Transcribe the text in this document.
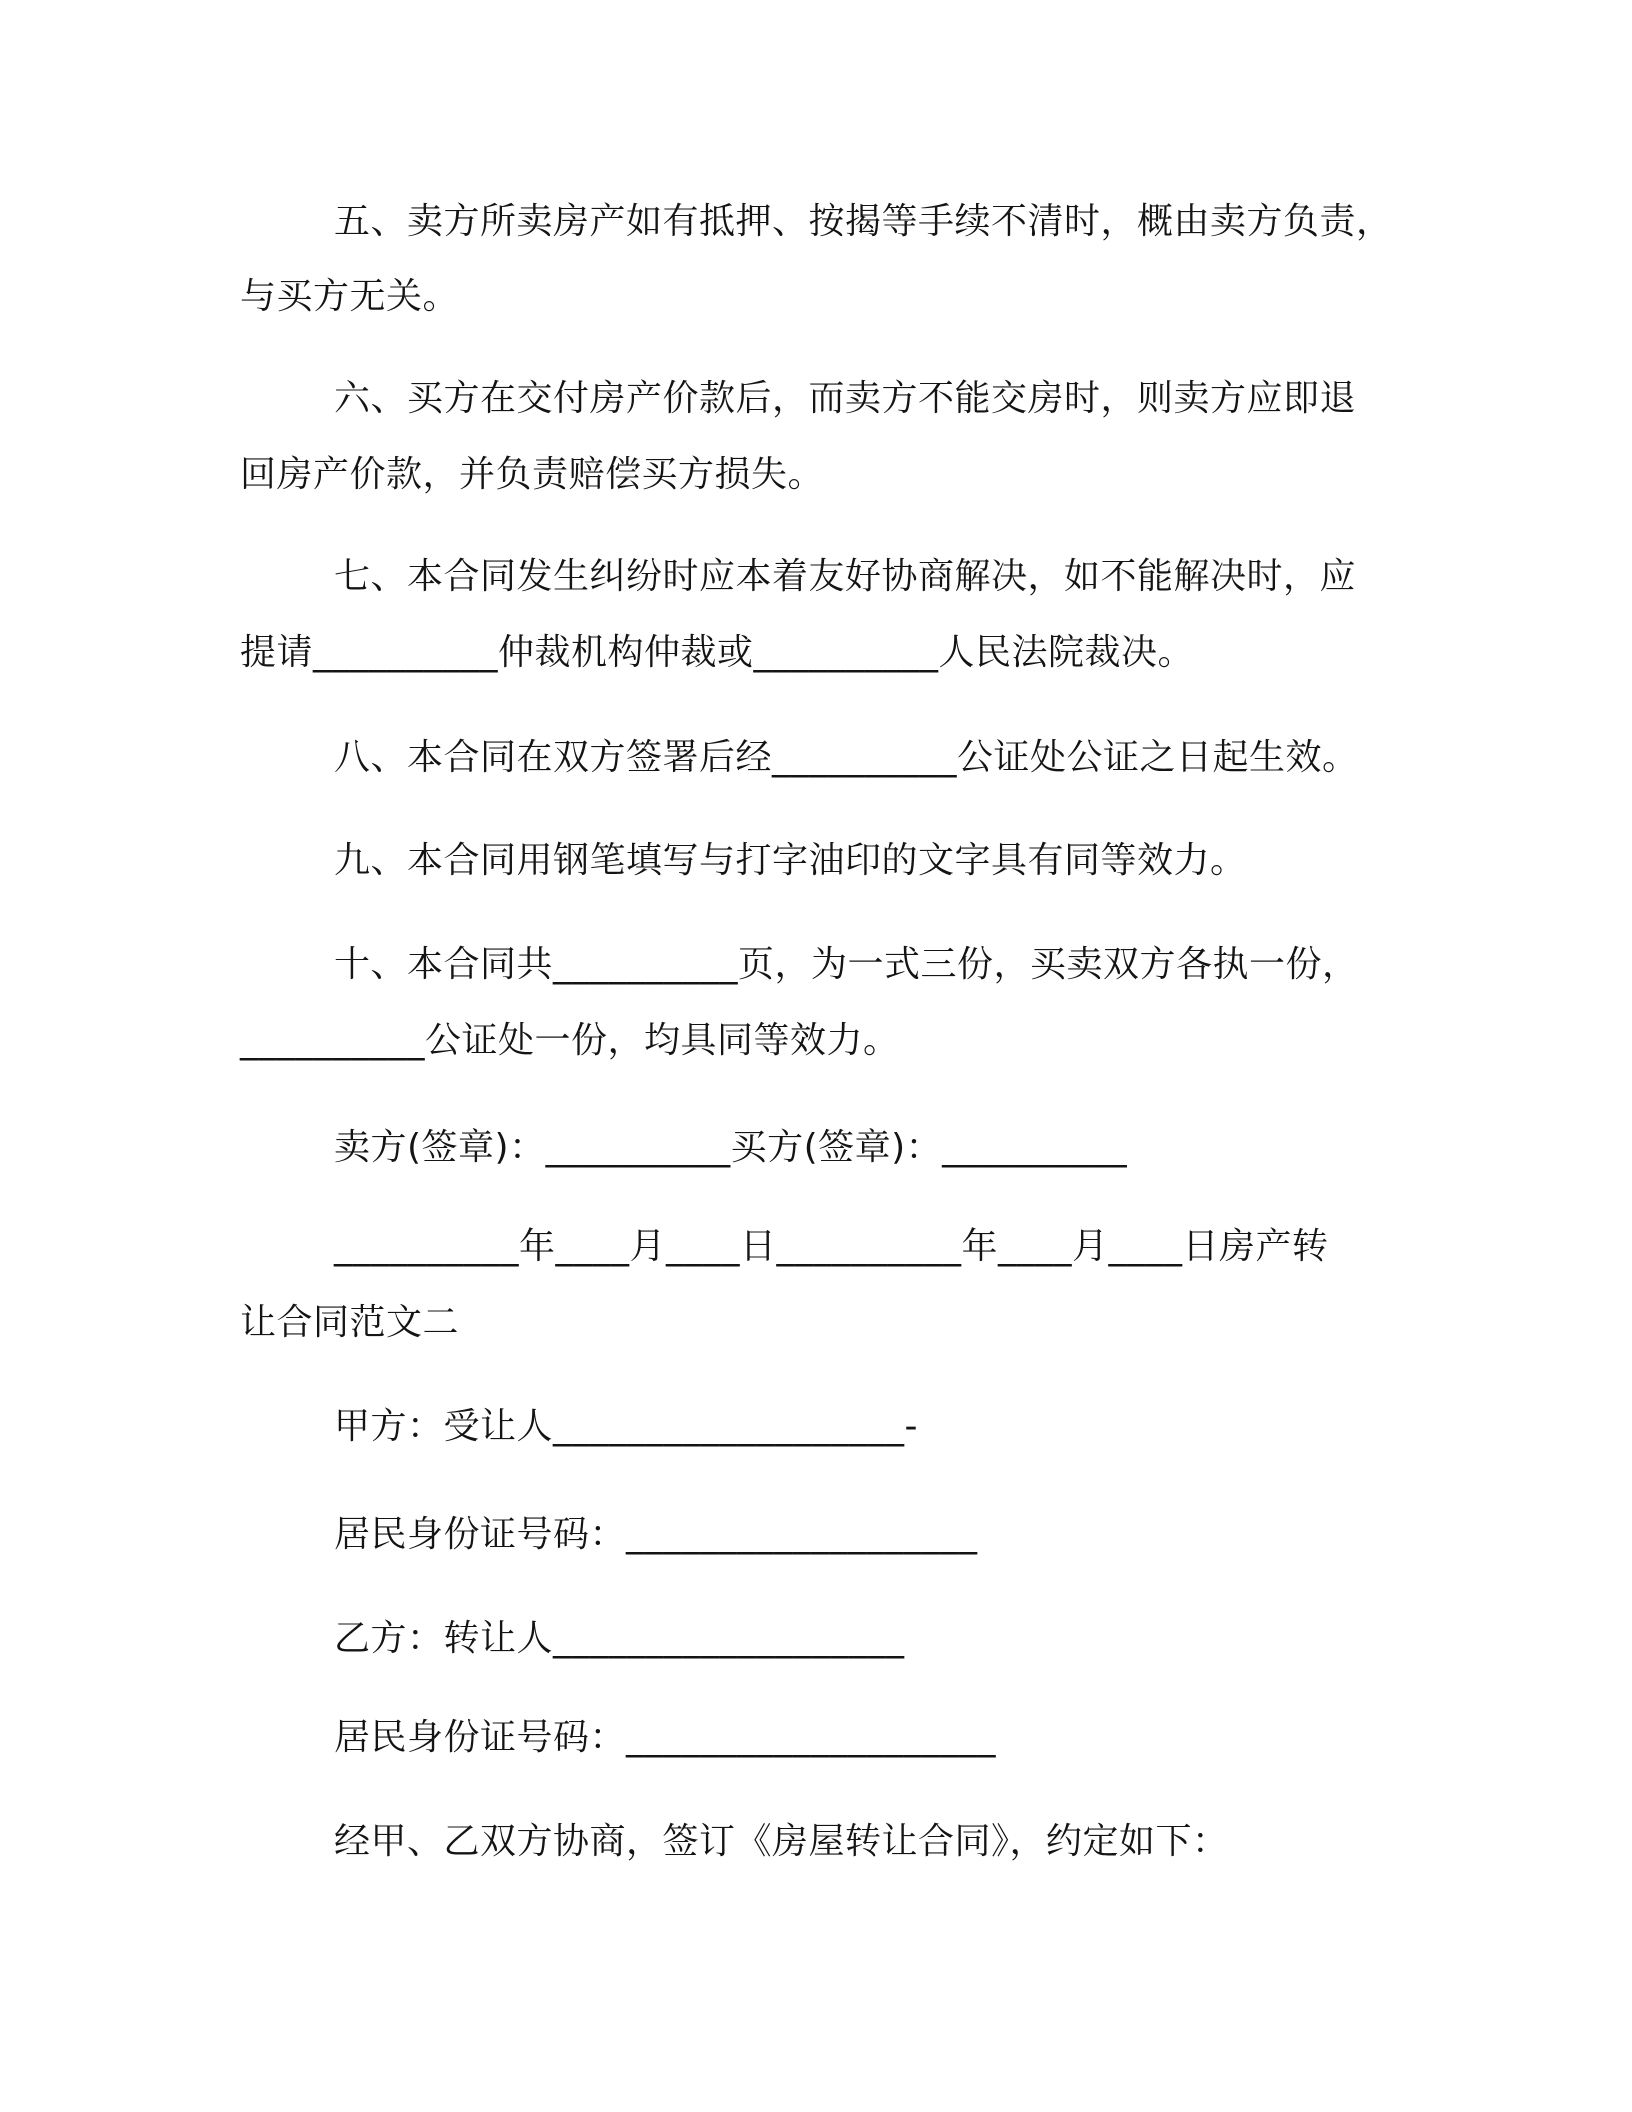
五、卖方所卖房产如有抵押、按揭等手续不清时，概由卖方负责，
与买方无关。
六、买方在交付房产价款后，而卖方不能交房时，则卖方应即退
回房产价款，并负责赔偿买方损失。
七、本合同发生纠纷时应本着友好协商解决，如不能解决时，应
提请__________仲裁机构仲裁或__________人民法院裁决。
八、本合同在双方签署后经__________公证处公证之日起生效。
九、本合同用钢笔填写与打字油印的文字具有同等效力。
十、本合同共__________页，为一式三份，买卖双方各执一份，
__________公证处一份，均具同等效力。
卖方(签章)：__________买方(签章)：__________
__________年____月____日__________年____月____日房产转
让合同范文二
甲方：受让人___________________-
居民身份证号码：___________________
乙方：转让人___________________
居民身份证号码：____________________
经甲、乙双方协商，签订《房屋转让合同》，约定如下：
